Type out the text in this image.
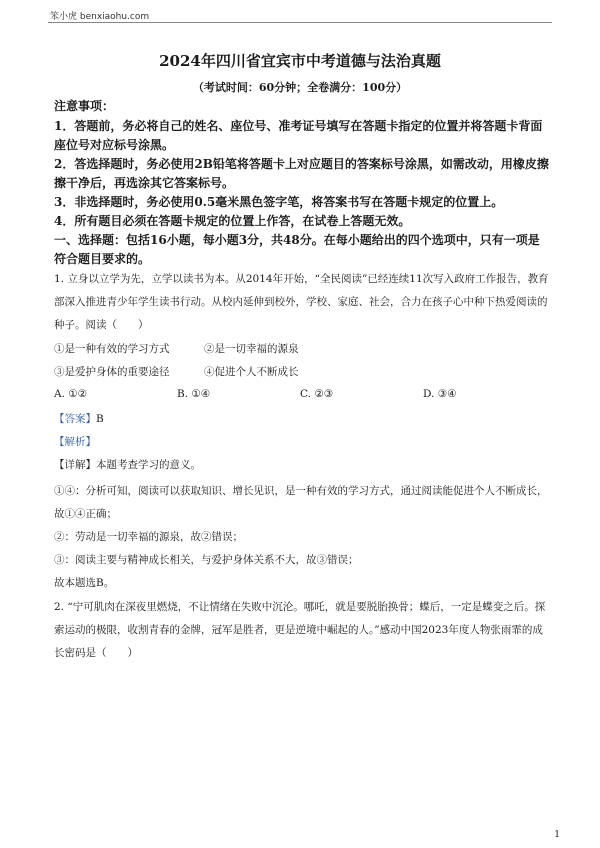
笨小虎 benxiaohu.com
2024年四川省宜宾市中考道德与法治真题
（考试时间：60分钟；全卷满分：100分）
注意事项：
1．答题前，务必将自己的姓名、座位号、准考证号填写在答题卡指定的位置并将答题卡背面座位号对应标号涂黑。
2．答选择题时，务必使用2B铅笔将答题卡上对应题目的答案标号涂黑，如需改动，用橡皮擦擦干净后，再选涂其它答案标号。
3．非选择题时，务必使用0.5毫米黑色签字笔，将答案书写在答题卡规定的位置上。
4．所有题目必须在答题卡规定的位置上作答，在试卷上答题无效。
一、选择题：包括16小题，每小题3分，共48分。在每小题给出的四个选项中，只有一项是符合题目要求的。
1. 立身以立学为先，立学以读书为本。从2014年开始，“全民阅读”已经连续11次写入政府工作报告，教育部深入推进青少年学生读书行动。从校内延伸到校外，学校、家庭、社会，合力在孩子心中种下热爱阅读的种子。阅读（　　）
①是一种有效的学习方式	②是一切幸福的源泉
③是爱护身体的重要途径	④促进个人不断成长
A. ①②	B. ①④	C. ②③	D. ③④
【答案】B
【解析】
【详解】本题考查学习的意义。
①④：分析可知，阅读可以获取知识、增长见识，是一种有效的学习方式，通过阅读能促进个人不断成长，故①④正确；
②：劳动是一切幸福的源泉，故②错误；
③：阅读主要与精神成长相关，与爱护身体关系不大，故③错误；
故本题选B。
2. “宁可肌肉在深夜里燃烧，不让情绪在失败中沉沦。哪吒，就是要脱胎换骨；蝶后，一定是蝶变之后。探索运动的极限，收割青春的金牌，冠军是胜者，更是逆境中崛起的人。”感动中国2023年度人物张雨霏的成长密码是（　　）
1
